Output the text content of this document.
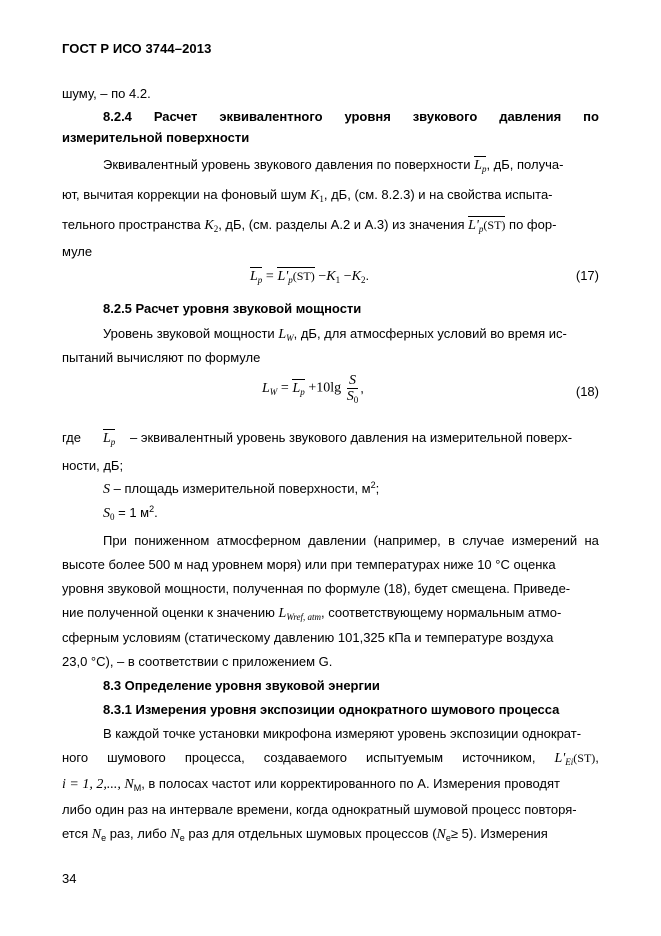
ГОСТ Р ИСО 3744–2013
шуму, – по 4.2.
8.2.4 Расчет эквивалентного уровня звукового давления по
измерительной поверхности
Эквивалентный уровень звукового давления по поверхности $L_p$, дБ, получа-
ют, вычитая коррекции на фоновый шум $K_1$, дБ, (см. 8.2.3) и на свойства испыта-
тельного пространства $K_2$, дБ, (см. разделы А.2 и А.3) из значения $L'_p(ST)$ по фор-
муле
$L_p = L'_p(ST) -K_1 -K_2$.	(17)
8.2.5 Расчет уровня звуковой мощности
Уровень звуковой мощности $L_W$, дБ, для атмосферных условий во время ис-
пытаний вычисляют по формуле
$L_W = L_p +10\lg \frac{S}{S_0}$ ,	(18)
где $L_p$ – эквивалентный уровень звукового давления на измерительной поверх-
ности, дБ;
S – площадь измерительной поверхности, $м^2$;
$S_0 = 1$ $м^2$.
При пониженном атмосферном давлении (например, в случае измерений на
высоте более 500 м над уровнем моря) или при температурах ниже 10 °С оценка
уровня звуковой мощности, полученная по формуле (18), будет смещена. Приведе-
ние полученной оценки к значению $L_{Wref, atm}$, соответствующему нормальным атмо-
сферным условиям (статическому давлению 101,325 кПа и температуре воздуха
23,0 °С), – в соответствии с приложением G.
8.3 Определение уровня звуковой энергии
8.3.1 Измерения уровня экспозиции однократного шумового процесса
В каждой точке установки микрофона измеряют уровень экспозиции однократ-
ного шумового процесса, создаваемого испытуемым источником, $L'_{Ei}(ST)$,
i = 1, 2,..., $N_M$, в полосах частот или корректированного по А. Измерения проводят
либо один раз на интервале времени, когда однократный шумовой процесс повторя-
ется $N_e$ раз, либо $N_e$ раз для отдельных шумовых процессов $(N_e\ge 5)$. Измерения
34
